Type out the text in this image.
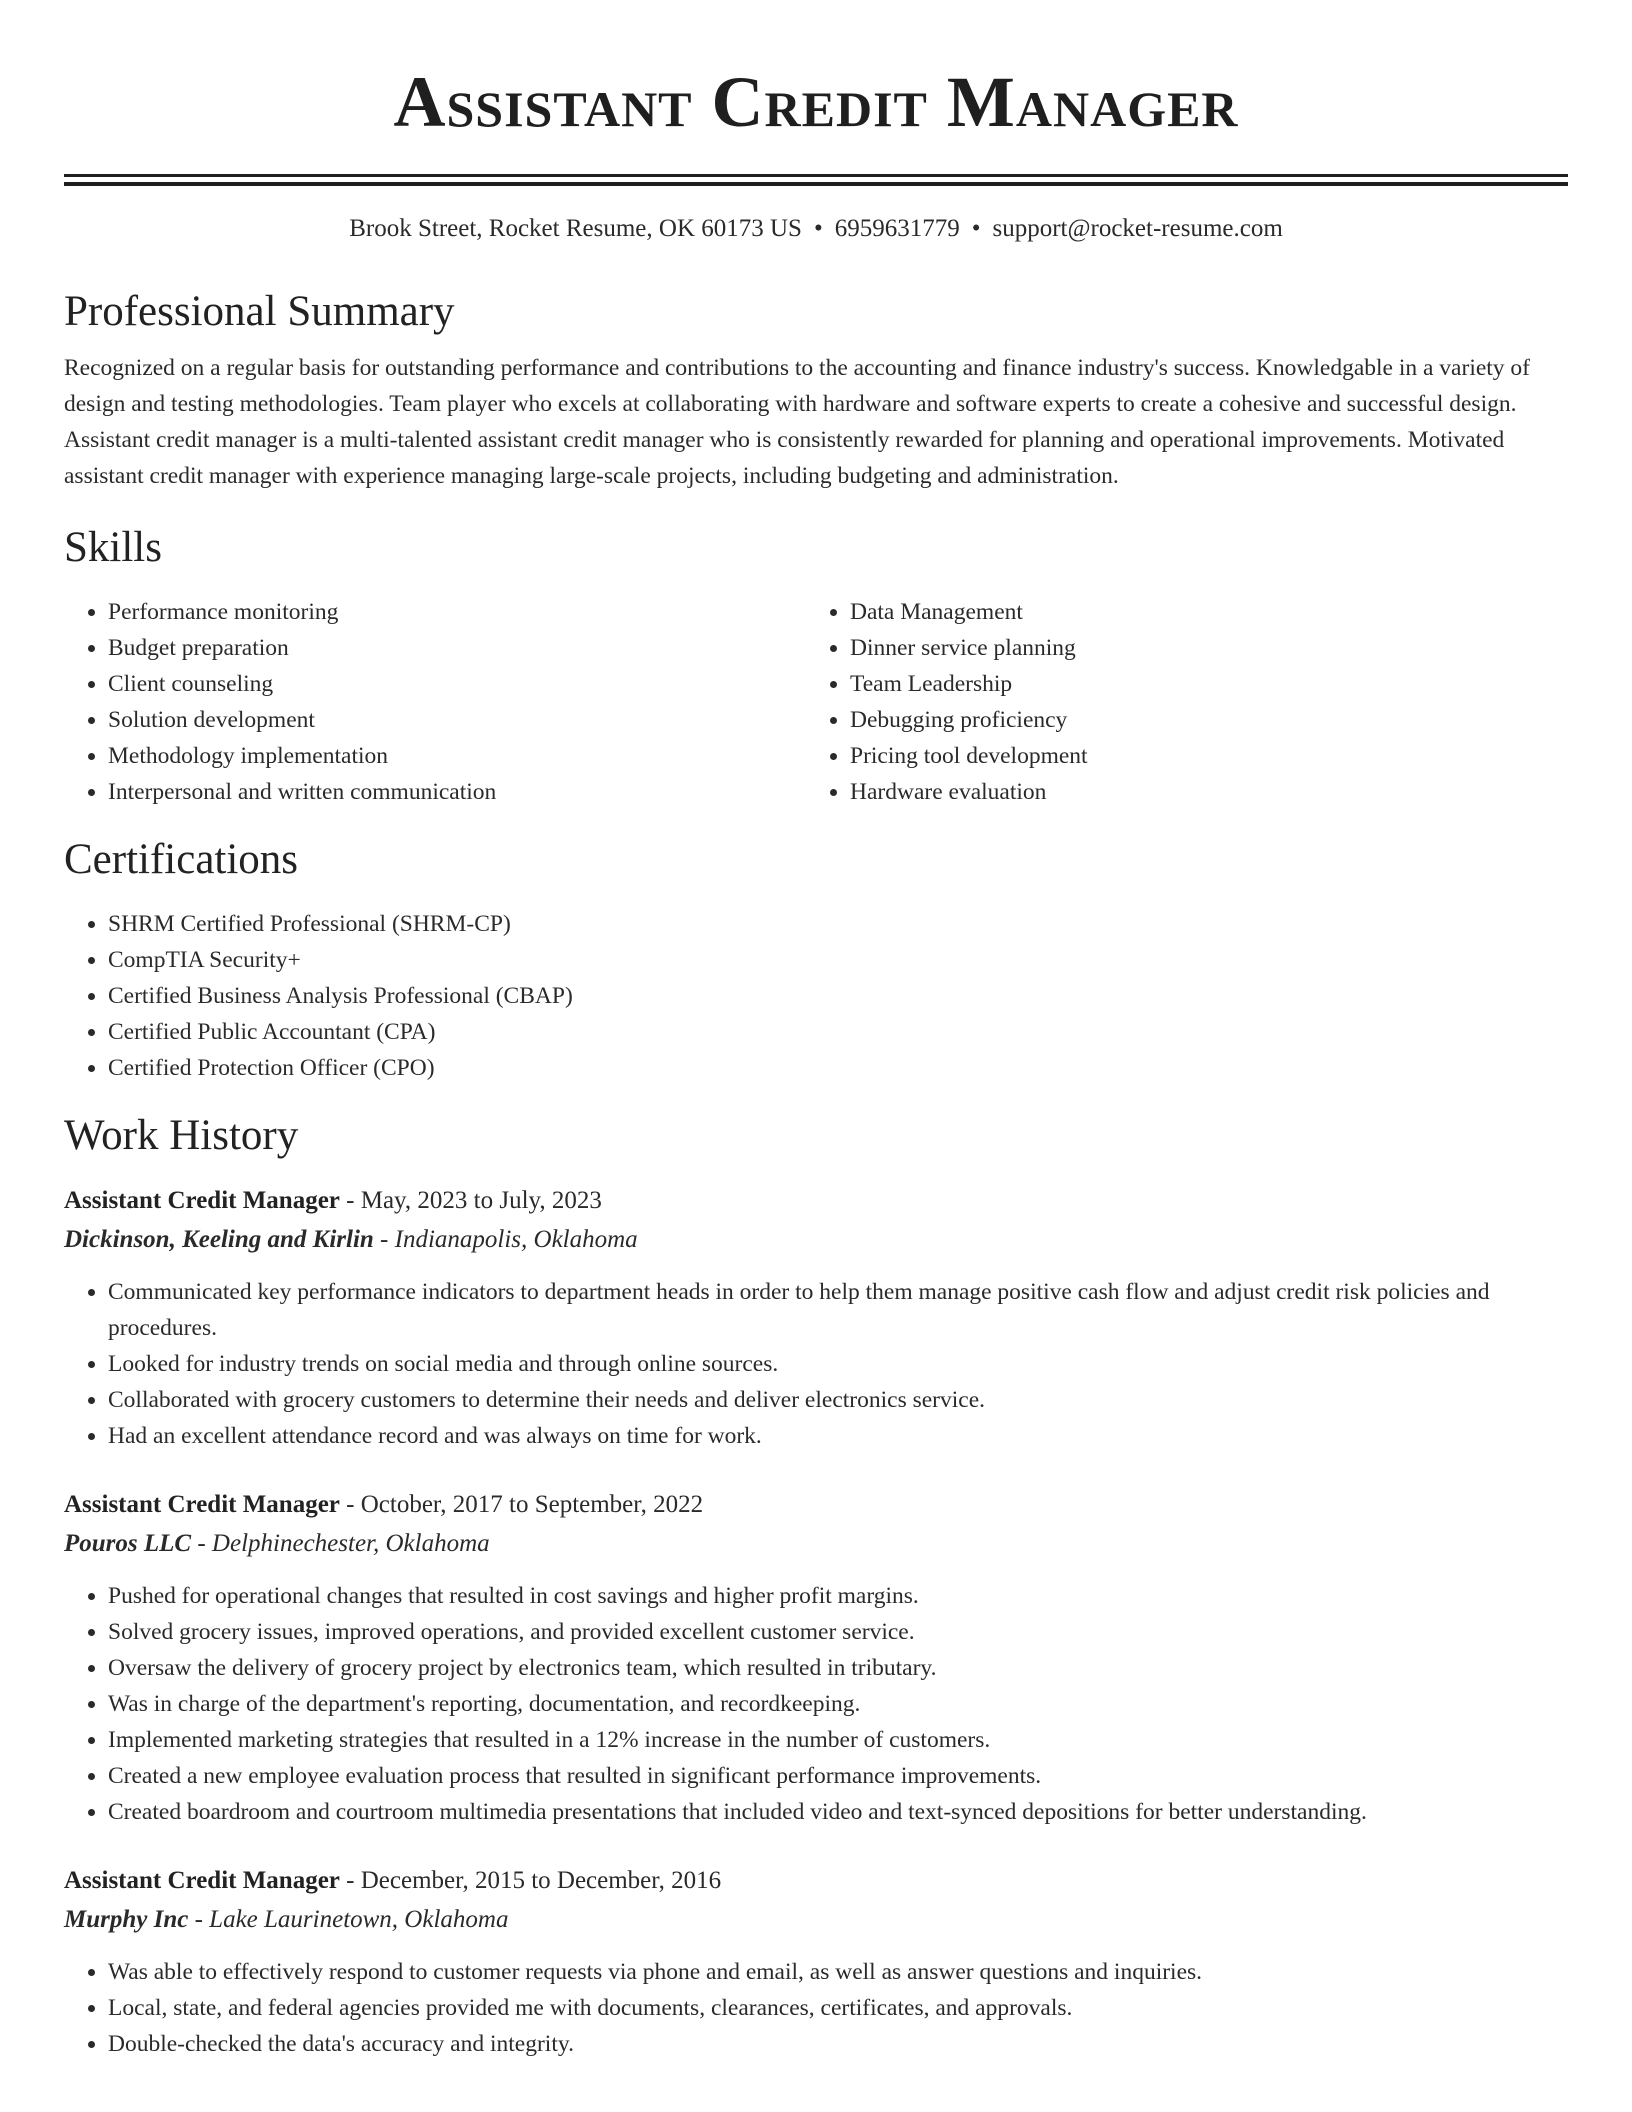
Assistant Credit Manager
Brook Street, Rocket Resume, OK 60173 US • 6959631779 • support@rocket-resume.com
Professional Summary

Recognized on a regular basis for outstanding performance and contributions to the accounting and finance industry's success. Knowledgable in a variety of design and testing methodologies. Team player who excels at collaborating with hardware and software experts to create a cohesive and successful design. Assistant credit manager is a multi-talented assistant credit manager who is consistently rewarded for planning and operational improvements. Motivated assistant credit manager with experience managing large-scale projects, including budgeting and administration.

Skills
• Performance monitoring
• Budget preparation
• Client counseling
• Solution development
• Methodology implementation
• Interpersonal and written communication
• Data Management
• Dinner service planning
• Team Leadership
• Debugging proficiency
• Pricing tool development
• Hardware evaluation
Certifications
• SHRM Certified Professional (SHRM-CP)
• CompTIA Security+
• Certified Business Analysis Professional (CBAP)
• Certified Public Accountant (CPA)
• Certified Protection Officer (CPO)
Work History
Assistant Credit Manager - May, 2023 to July, 2023
Dickinson, Keeling and Kirlin - Indianapolis, Oklahoma
• Communicated key performance indicators to department heads in order to help them manage positive cash flow and adjust credit risk policies and procedures.
• Looked for industry trends on social media and through online sources.
• Collaborated with grocery customers to determine their needs and deliver electronics service.
• Had an excellent attendance record and was always on time for work.
Assistant Credit Manager - October, 2017 to September, 2022
Pouros LLC - Delphinechester, Oklahoma
• Pushed for operational changes that resulted in cost savings and higher profit margins.
• Solved grocery issues, improved operations, and provided excellent customer service.
• Oversaw the delivery of grocery project by electronics team, which resulted in tributary.
• Was in charge of the department's reporting, documentation, and recordkeeping.
• Implemented marketing strategies that resulted in a 12% increase in the number of customers.
• Created a new employee evaluation process that resulted in significant performance improvements.
• Created boardroom and courtroom multimedia presentations that included video and text-synced depositions for better understanding.
Assistant Credit Manager - December, 2015 to December, 2016
Murphy Inc - Lake Laurinetown, Oklahoma
• Was able to effectively respond to customer requests via phone and email, as well as answer questions and inquiries.
• Local, state, and federal agencies provided me with documents, clearances, certificates, and approvals.
• Double-checked the data's accuracy and integrity.
